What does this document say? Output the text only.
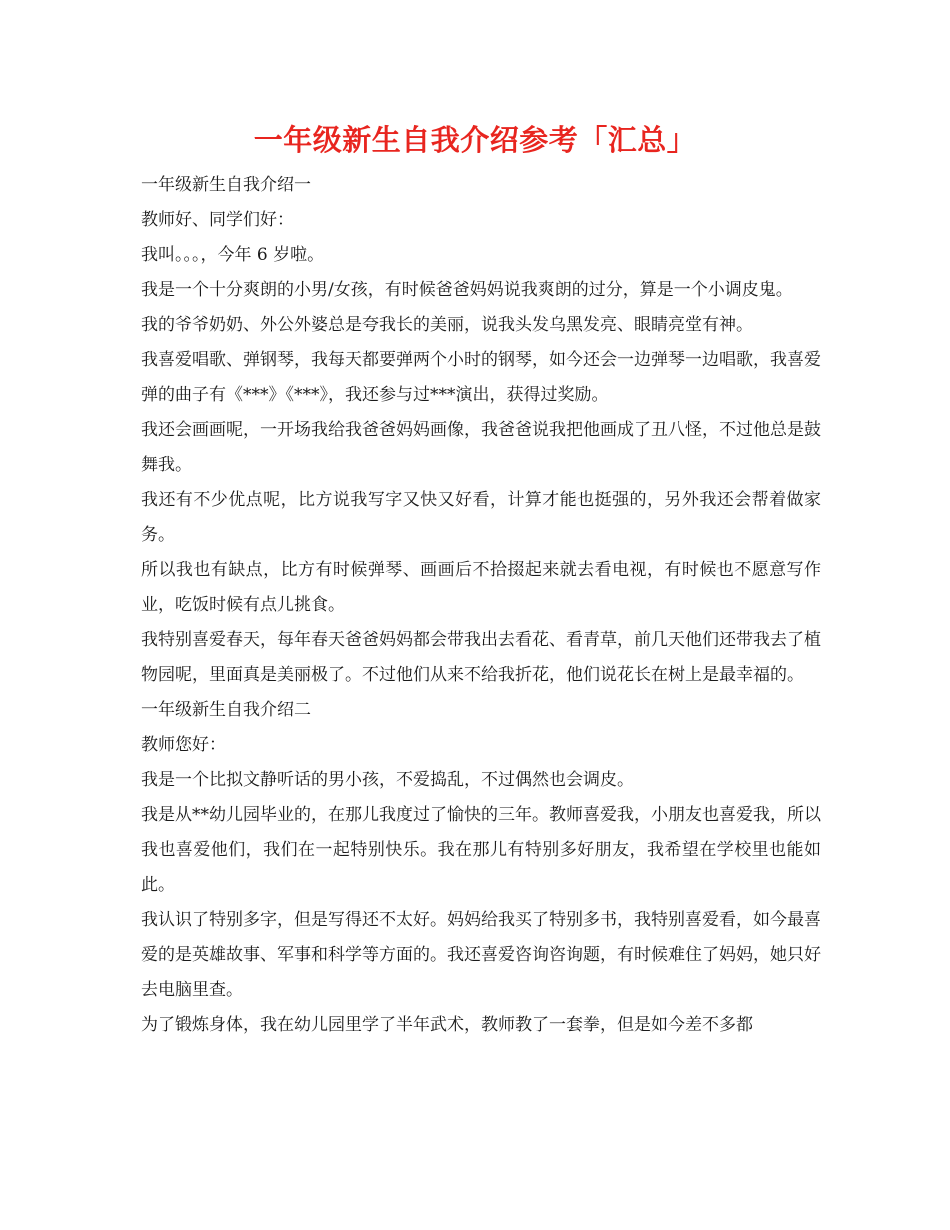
一年级新生自我介绍参考「汇总」

一年级新生自我介绍一

教师好、同学们好：

我叫。。。，今年 6 岁啦。

我是一个十分爽朗的小男/女孩，有时候爸爸妈妈说我爽朗的过分，算是一个小调皮鬼。

我的爷爷奶奶、外公外婆总是夸我长的美丽，说我头发乌黑发亮、眼睛亮堂有神。

我喜爱唱歌、弹钢琴，我每天都要弹两个小时的钢琴，如今还会一边弹琴一边唱歌，我喜爱弹的曲子有《***》《***》，我还参与过***演出，获得过奖励。

我还会画画呢，一开场我给我爸爸妈妈画像，我爸爸说我把他画成了丑八怪，不过他总是鼓舞我。

我还有不少优点呢，比方说我写字又快又好看，计算才能也挺强的，另外我还会帮着做家务。

所以我也有缺点，比方有时候弹琴、画画后不拾掇起来就去看电视，有时候也不愿意写作业，吃饭时候有点儿挑食。

我特别喜爱春天，每年春天爸爸妈妈都会带我出去看花、看青草，前几天他们还带我去了植物园呢，里面真是美丽极了。不过他们从来不给我折花，他们说花长在树上是最幸福的。

一年级新生自我介绍二

教师您好：

我是一个比拟文静听话的男小孩，不爱捣乱，不过偶然也会调皮。

我是从**幼儿园毕业的，在那儿我度过了愉快的三年。教师喜爱我，小朋友也喜爱我，所以我也喜爱他们，我们在一起特别快乐。我在那儿有特别多好朋友，我希望在学校里也能如此。

我认识了特别多字，但是写得还不太好。妈妈给我买了特别多书，我特别喜爱看，如今最喜爱的是英雄故事、军事和科学等方面的。我还喜爱咨询咨询题，有时候难住了妈妈，她只好去电脑里查。

为了锻炼身体，我在幼儿园里学了半年武术，教师教了一套拳，但是如今差不多都
